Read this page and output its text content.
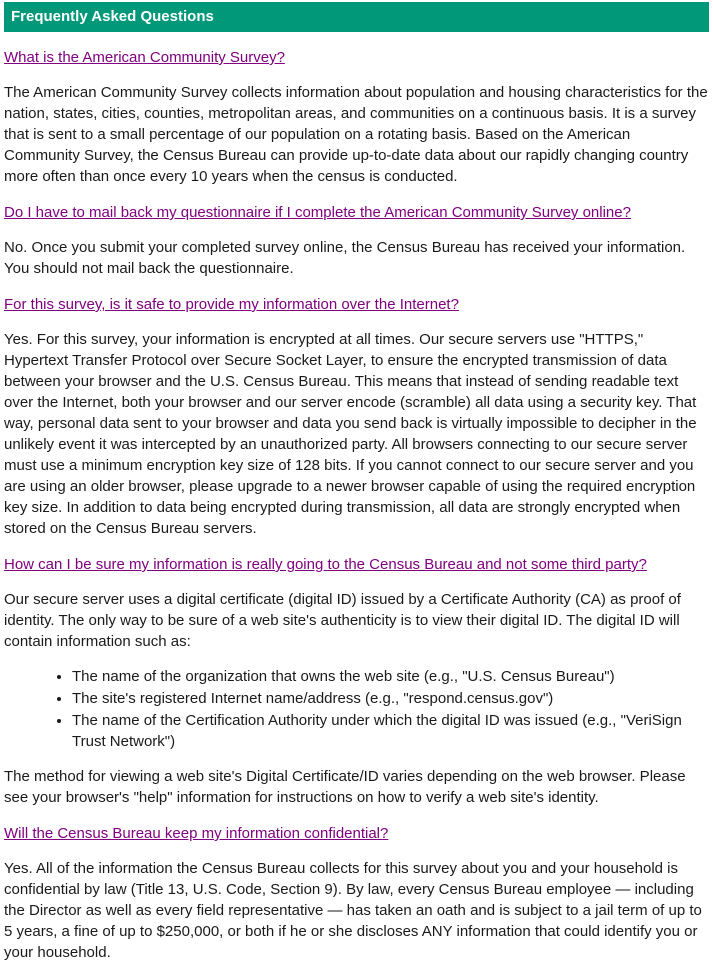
Frequently Asked Questions

What is the American Community Survey?

The American Community Survey collects information about population and housing characteristics for the nation, states, cities, counties, metropolitan areas, and communities on a continuous basis. It is a survey that is sent to a small percentage of our population on a rotating basis. Based on the American Community Survey, the Census Bureau can provide up-to-date data about our rapidly changing country more often than once every 10 years when the census is conducted.

Do I have to mail back my questionnaire if I complete the American Community Survey online?

No. Once you submit your completed survey online, the Census Bureau has received your information. You should not mail back the questionnaire.

For this survey, is it safe to provide my information over the Internet?

Yes. For this survey, your information is encrypted at all times. Our secure servers use "HTTPS," Hypertext Transfer Protocol over Secure Socket Layer, to ensure the encrypted transmission of data between your browser and the U.S. Census Bureau. This means that instead of sending readable text over the Internet, both your browser and our server encode (scramble) all data using a security key. That way, personal data sent to your browser and data you send back is virtually impossible to decipher in the unlikely event it was intercepted by an unauthorized party. All browsers connecting to our secure server must use a minimum encryption key size of 128 bits. If you cannot connect to our secure server and you are using an older browser, please upgrade to a newer browser capable of using the required encryption key size. In addition to data being encrypted during transmission, all data are strongly encrypted when stored on the Census Bureau servers.

How can I be sure my information is really going to the Census Bureau and not some third party?

Our secure server uses a digital certificate (digital ID) issued by a Certificate Authority (CA) as proof of identity. The only way to be sure of a web site's authenticity is to view their digital ID. The digital ID will contain information such as:

• The name of the organization that owns the web site (e.g., "U.S. Census Bureau")
• The site's registered Internet name/address (e.g., "respond.census.gov")
• The name of the Certification Authority under which the digital ID was issued (e.g., "VeriSign Trust Network")

The method for viewing a web site's Digital Certificate/ID varies depending on the web browser. Please see your browser's "help" information for instructions on how to verify a web site's identity.

Will the Census Bureau keep my information confidential?

Yes. All of the information the Census Bureau collects for this survey about you and your household is confidential by law (Title 13, U.S. Code, Section 9). By law, every Census Bureau employee — including the Director as well as every field representative — has taken an oath and is subject to a jail term of up to 5 years, a fine of up to $250,000, or both if he or she discloses ANY information that could identify you or your household.
